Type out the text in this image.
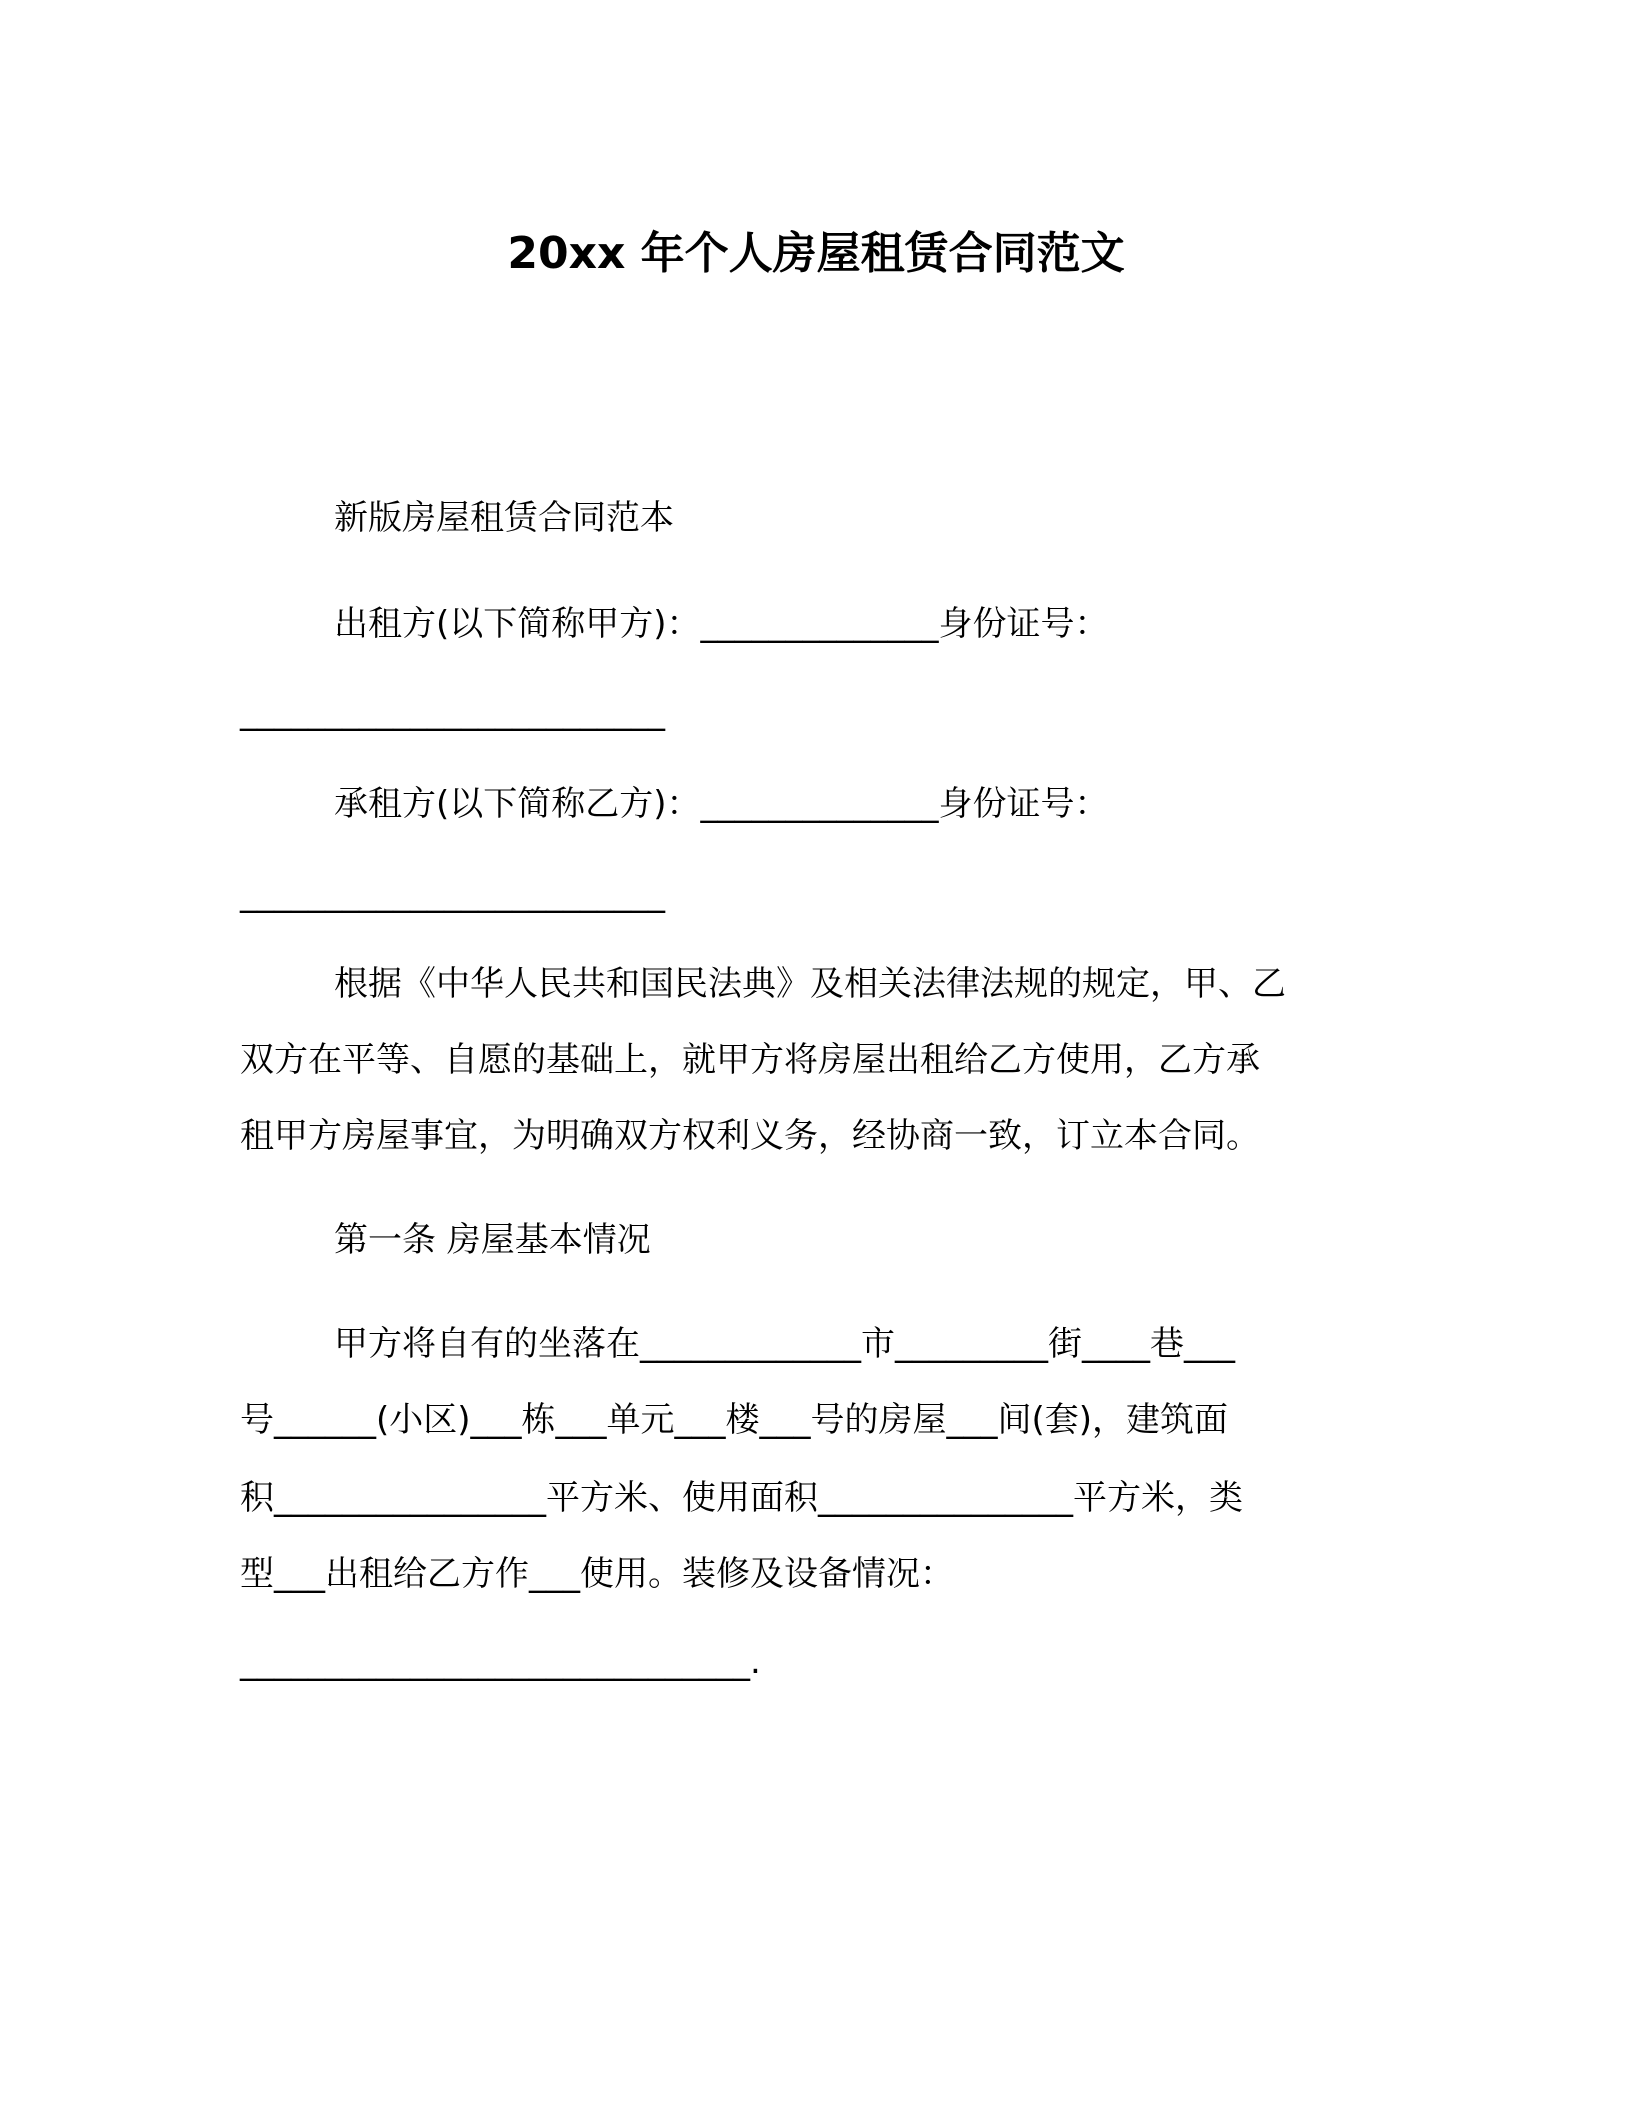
20xx 年个人房屋租赁合同范文
新版房屋租赁合同范本
出租方(以下简称甲方)：______________身份证号：
_________________________
承租方(以下简称乙方)：______________身份证号：
_________________________
根据《中华人民共和国民法典》及相关法律法规的规定，甲、乙
双方在平等、自愿的基础上，就甲方将房屋出租给乙方使用，乙方承
租甲方房屋事宜，为明确双方权利义务，经协商一致，订立本合同。
第一条 房屋基本情况
甲方将自有的坐落在_____________市_________街____巷___
号______(小区)___栋___单元___楼___号的房屋___间(套)，建筑面
积________________平方米、使用面积_______________平方米，类
型___出租给乙方作___使用。装修及设备情况：
______________________________.
